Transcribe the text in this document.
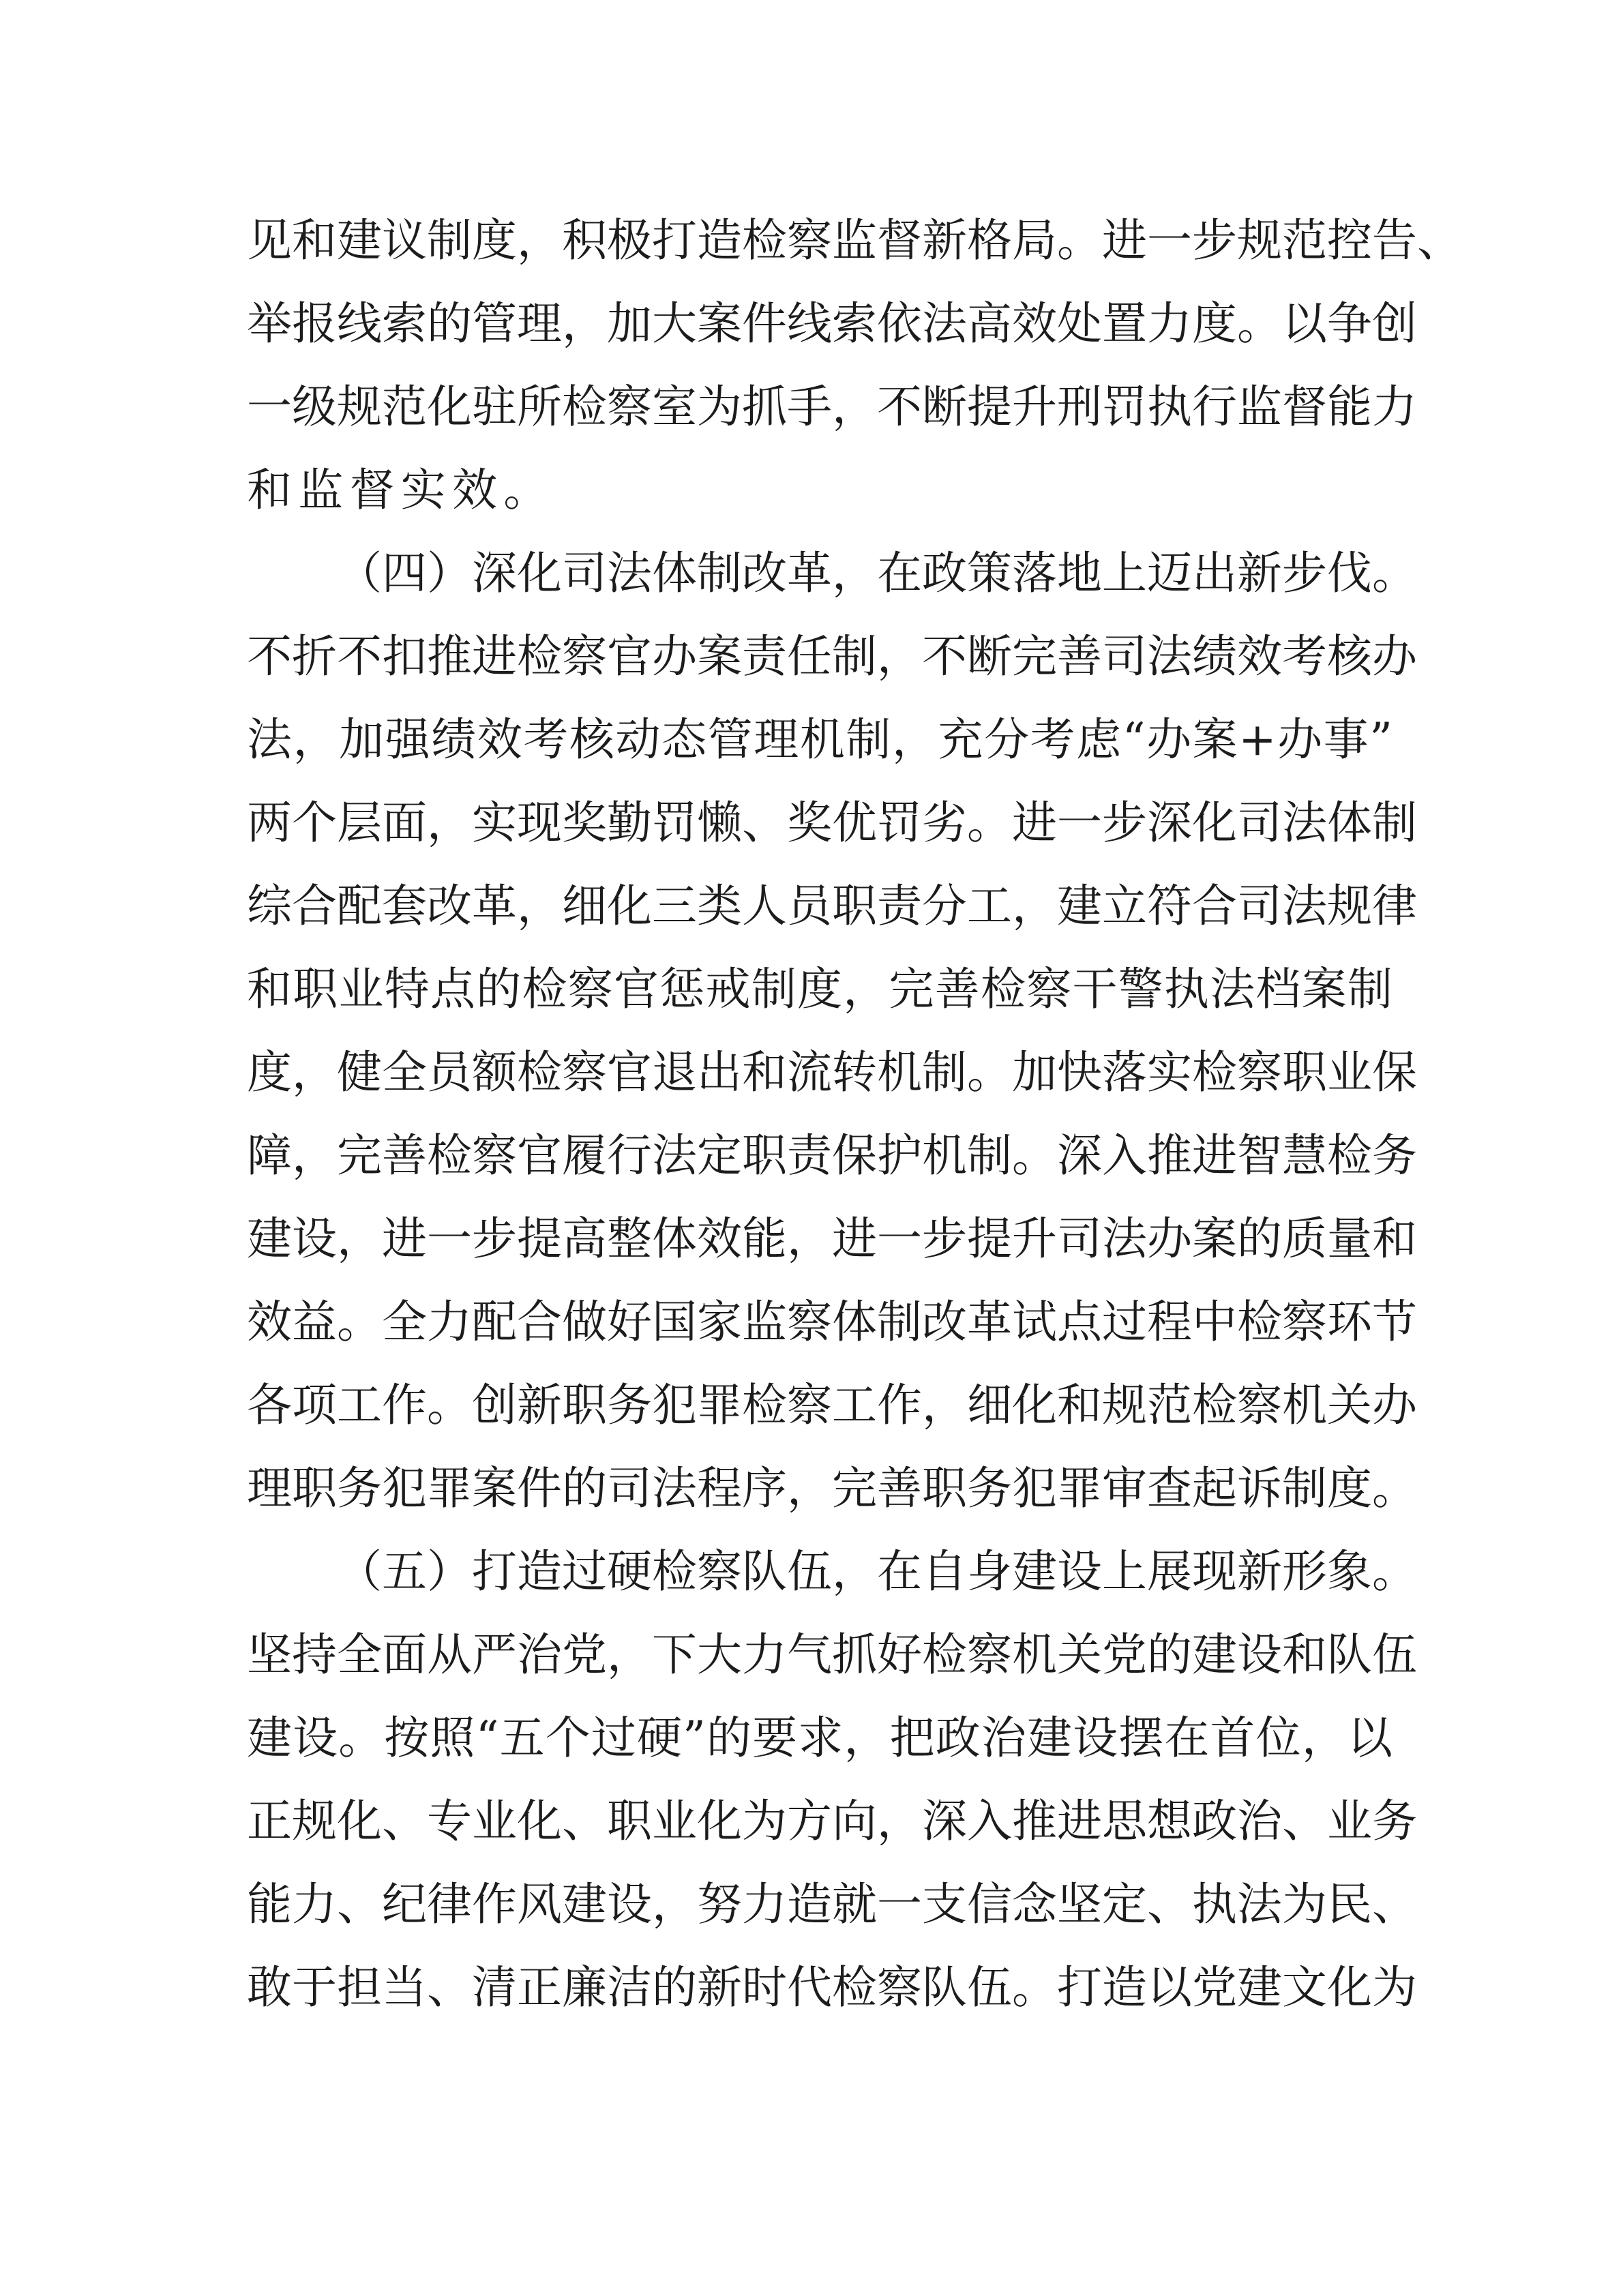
见和建议制度，积极打造检察监督新格局。进一步规范控告、
举报线索的管理，加大案件线索依法高效处置力度。以争创
一级规范化驻所检察室为抓手，不断提升刑罚执行监督能力
和监督实效。
（四）深化司法体制改革，在政策落地上迈出新步伐。
不折不扣推进检察官办案责任制，不断完善司法绩效考核办
法，加强绩效考核动态管理机制，充分考虑“办案+办事”
两个层面，实现奖勤罚懒、奖优罚劣。进一步深化司法体制
综合配套改革，细化三类人员职责分工，建立符合司法规律
和职业特点的检察官惩戒制度，完善检察干警执法档案制
度，健全员额检察官退出和流转机制。加快落实检察职业保
障，完善检察官履行法定职责保护机制。深入推进智慧检务
建设，进一步提高整体效能，进一步提升司法办案的质量和
效益。全力配合做好国家监察体制改革试点过程中检察环节
各项工作。创新职务犯罪检察工作，细化和规范检察机关办
理职务犯罪案件的司法程序，完善职务犯罪审查起诉制度。
（五）打造过硬检察队伍，在自身建设上展现新形象。
坚持全面从严治党，下大力气抓好检察机关党的建设和队伍
建设。按照“五个过硬”的要求，把政治建设摆在首位，以
正规化、专业化、职业化为方向，深入推进思想政治、业务
能力、纪律作风建设，努力造就一支信念坚定、执法为民、
敢于担当、清正廉洁的新时代检察队伍。打造以党建文化为
